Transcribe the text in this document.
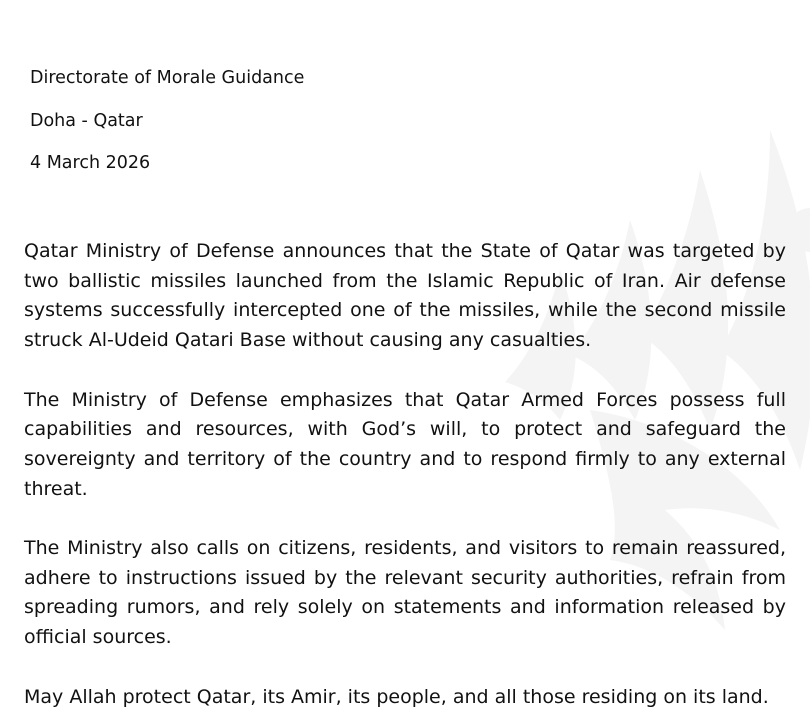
Directorate of Morale Guidance
Doha - Qatar
4 March 2026

Qatar Ministry of Defense announces that the State of Qatar was targeted by two ballistic missiles launched from the Islamic Republic of Iran. Air defense systems successfully intercepted one of the missiles, while the second missile struck Al-Udeid Qatari Base without causing any casualties.

The Ministry of Defense emphasizes that Qatar Armed Forces possess full capabilities and resources, with God’s will, to protect and safeguard the sovereignty and territory of the country and to respond firmly to any external threat.

The Ministry also calls on citizens, residents, and visitors to remain reassured, adhere to instructions issued by the relevant security authorities, refrain from spreading rumors, and rely solely on statements and information released by official sources.

May Allah protect Qatar, its Amir, its people, and all those residing on its land.
